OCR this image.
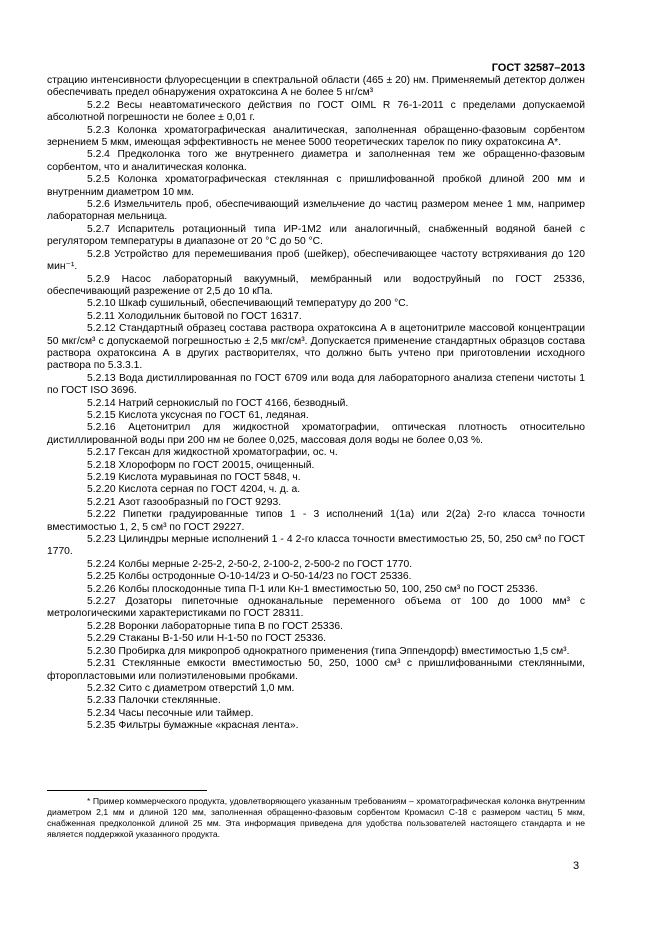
ГОСТ 32587–2013

страцию интенсивности флуоресценции в спектральной области (465 ± 20) нм. Применяемый детектор должен обеспечивать предел обнаружения охратоксина А не более 5 нг/см³

5.2.2 Весы неавтоматического действия по ГОСТ OIML R 76-1-2011 с пределами допускаемой абсолютной погрешности не более ± 0,01 г.

5.2.3 Колонка хроматографическая аналитическая, заполненная обращенно-фазовым сорбентом зернением 5 мкм, имеющая эффективность не менее 5000 теоретических тарелок по пику охратоксина А*.

5.2.4 Предколонка того же внутреннего диаметра и заполненная тем же обращенно-фазовым сорбентом, что и аналитическая колонка.

5.2.5 Колонка хроматографическая стеклянная с пришлифованной пробкой длиной 200 мм и внутренним диаметром 10 мм.

5.2.6 Измельчитель проб, обеспечивающий измельчение до частиц размером менее 1 мм, например лабораторная мельница.

5.2.7 Испаритель ротационный типа ИР-1М2 или аналогичный, снабженный водяной баней с регулятором температуры в диапазоне от 20 °С до 50 °С.

5.2.8 Устройство для перемешивания проб (шейкер), обеспечивающее частоту встряхивания до 120 мин⁻¹.

5.2.9 Насос лабораторный вакуумный, мембранный или водоструйный по ГОСТ 25336, обеспечивающий разрежение от 2,5 до 10 кПа.

5.2.10 Шкаф сушильный, обеспечивающий температуру до 200 °С.

5.2.11 Холодильник бытовой по ГОСТ 16317.

5.2.12 Стандартный образец состава раствора охратоксина А в ацетонитриле массовой концентрации 50 мкг/см³ с допускаемой погрешностью ± 2,5 мкг/см³. Допускается применение стандартных образцов состава раствора охратоксина А в других растворителях, что должно быть учтено при приготовлении исходного раствора по 5.3.3.1.

5.2.13 Вода дистиллированная по ГОСТ 6709 или вода для лабораторного анализа степени чистоты 1 по ГОСТ ISO 3696.

5.2.14 Натрий сернокислый по ГОСТ 4166, безводный.

5.2.15 Кислота уксусная по ГОСТ 61, ледяная.

5.2.16 Ацетонитрил для жидкостной хроматографии, оптическая плотность относительно дистиллированной воды при 200 нм не более 0,025, массовая доля воды не более 0,03 %.

5.2.17 Гексан для жидкостной хроматографии, ос. ч.

5.2.18 Хлороформ по ГОСТ 20015, очищенный.

5.2.19 Кислота муравьиная по ГОСТ 5848, ч.

5.2.20 Кислота серная по ГОСТ 4204, ч. д. а.

5.2.21 Азот газообразный по ГОСТ 9293.

5.2.22 Пипетки градуированные типов 1 - 3 исполнений 1(1а) или 2(2а) 2-го класса точности вместимостью 1, 2, 5 см³ по ГОСТ 29227.

5.2.23 Цилиндры мерные исполнений 1 - 4 2-го класса точности вместимостью 25, 50, 250 см³ по ГОСТ 1770.

5.2.24 Колбы мерные 2-25-2, 2-50-2, 2-100-2, 2-500-2 по ГОСТ 1770.

5.2.25 Колбы остродонные О-10-14/23 и О-50-14/23 по ГОСТ 25336.

5.2.26 Колбы плоскодонные типа П-1 или Кн-1 вместимостью 50, 100, 250 см³ по ГОСТ 25336.

5.2.27 Дозаторы пипеточные одноканальные переменного объема от 100 до 1000 мм³ с метрологическими характеристиками по ГОСТ 28311.

5.2.28 Воронки лабораторные типа В по ГОСТ 25336.

5.2.29 Стаканы В-1-50 или Н-1-50 по ГОСТ 25336.

5.2.30 Пробирка для микропроб однократного применения (типа Эппендорф) вместимостью 1,5 см³.

5.2.31 Стеклянные емкости вместимостью 50, 250, 1000 см³ с пришлифованными стеклянными, фторопластовыми или полиэтиленовыми пробками.

5.2.32 Сито с диаметром отверстий 1,0 мм.

5.2.33 Палочки стеклянные.

5.2.34 Часы песочные или таймер.

5.2.35 Фильтры бумажные «красная лента».

* Пример коммерческого продукта, удовлетворяющего указанным требованиям – хроматографическая колонка внутренним диаметром 2,1 мм и длиной 120 мм, заполненная обращенно-фазовым сорбентом Кромасил С-18 с размером частиц 5 мкм, снабженная предколонкой длиной 25 мм. Эта информация приведена для удобства пользователей настоящего стандарта и не является поддержкой указанного продукта.
3
